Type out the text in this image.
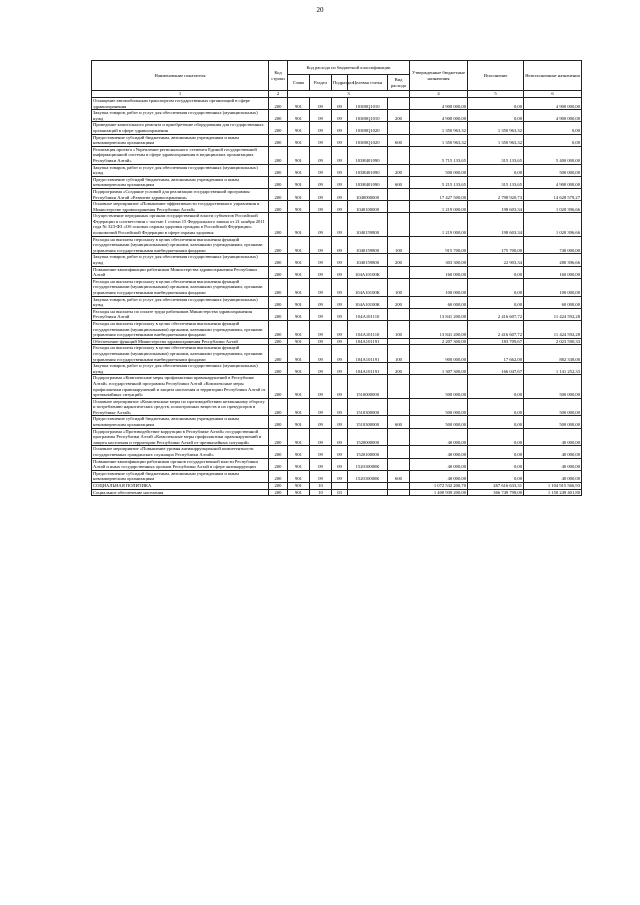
20
Наименование показателя	Код строки	Код расхода по бюджетной классификации					Утвержденные бюджетные назначения	Исполнение	Неисполненные назначения
		Глава	Раздел	Подраздел	Целевая статья	Вид расхода			
1	2	3					4	5	6
Оснащение автомобильным транспортом государственных организаций в сфере здравоохранения	200	901	09	09	10380Q1010		4 900 000,00	0,00	4 900 000,00
Закупка товаров, работ и услуг для обеспечения государственных (муниципальных) нужд	200	901	09	09	10380Q1010	200	4 900 000,00	0,00	4 900 000,00
Проведение капитального ремонта и приобретение оборудования для государственных организаций в сфере здравоохранения	200	901	09	09	10380Q1020		1 350 963,32	1 350 963,32	0,00
Предоставление субсидий бюджетным, автономным учреждениям и иным некоммерческим организациям	200	901	09	09	10380Q1020	600	1 350 963,32	1 350 963,32	0,00
Реализация проекта «Укрепление регионального сегмента Единой государственной информационной системы в сфере здравоохранения в медицинских организациях Республики Алтай»	200	901	09	09	103Н401090		5 715 133,65	315 133,65	5 400 000,00
Закупка товаров, работ и услуг для обеспечения государственных (муниципальных) нужд	200	901	09	09	103Н401090	200	500 000,00	0,00	500 000,00
Предоставление субсидий бюджетным, автономным учреждениям и иным некоммерческим организациям	200	901	09	09	103Н401090	600	5 215 133,65	315 133,65	4 900 000,00
Подпрограмма «Создание условий для реализации государственной программы Республики Алтай «Развитие здравоохранения»	200	901	09	09	1040000000		17 427 500,00	2 798 920,73	14 628 579,27
Основное мероприятие «Повышение эффективности государственного управления в Министерстве здравоохранения Республики Алтай»	200	901	09	09	1040100000		1 219 000,00	198 603,34	1 020 396,66
Осуществление переданных органам государственной власти субъектов Российской Федерации в соответствии с частью 1 статьи 15 Федерального закона от 21 ноября 2011 года № 323-ФЗ «Об основах охраны здоровья граждан в Российской Федерации» полномочий Российской Федерации в сфере охраны здоровья	200	901	09	09	1040159800		1 219 000,00	198 603,34	1 020 396,66
Расходы на выплаты персоналу в целях обеспечения выполнения функций государственными (муниципальными) органами, казенными учреждениями, органами управления государственными внебюджетными фондами	200	901	09	09	1040159800	100	915 700,00	175 700,00	740 000,00
Закупка товаров, работ и услуг для обеспечения государственных (муниципальных) нужд	200	901	09	09	1040159800	200	303 300,00	22 903,34	280 396,66
Повышение квалификации работников Министерства здравоохранения Республики Алтай	200	901	09	09	104A10100K		160 000,00	0,00	160 000,00
Расходы на выплаты персоналу в целях обеспечения выполнения функций государственными (муниципальными) органами, казенными учреждениями, органами управления государственными внебюджетными фондами	200	901	09	09	104A10100K	100	100 000,00	0,00	100 000,00
Закупка товаров, работ и услуг для обеспечения государственных (муниципальных) нужд	200	901	09	09	104A10100K	200	60 000,00	0,00	60 000,00
Расходы на выплаты по оплате труда работников Министерства здравоохранения Республики Алтай	200	901	09	09	104A101110		13 841 200,00	2 416 607,72	11 424 592,28
Расходы на выплаты персоналу в целях обеспечения выполнения функций государственными (муниципальными) органами, казенными учреждениями, органами управления государственными внебюджетными фондами	200	901	09	09	104A101110	100	13 841 200,00	2 416 607,72	11 424 592,28
Обеспечение функций Министерства здравоохранения Республики Алтай	200	901	09	09	104A101191		2 207 300,00	183 709,67	2 023 590,33
Расходы на выплаты персоналу в целях обеспечения выполнения функций государственными (муниципальными) органами, казенными учреждениями, органами управления государственными внебюджетными фондами	200	901	09	09	104A101191	100	900 000,00	17 662,00	882 338,00
Закупка товаров, работ и услуг для обеспечения государственных (муниципальных) нужд	200	901	09	09	104A101191	200	1 307 300,00	166 047,67	1 141 252,33
Подпрограмма «Комплексные меры профилактики правонарушений в Республике Алтай» государственной программы Республики Алтай «Комплексные меры профилактики правонарушений и защита населения и территории Республики Алтай от чрезвычайных ситуаций»	200	901	09	09	1510000000		500 000,00	0,00	500 000,00
Основное мероприятие «Комплексные меры по противодействию незаконному обороту и потреблению наркотических средств, психотропных веществ и их прекурсоров в Республике Алтай»	200	901	09	09	1510300000		500 000,00	0,00	500 000,00
Предоставление субсидий бюджетным, автономным учреждениям и иным некоммерческим организациям	200	901	09	09	1510300000	600	500 000,00	0,00	500 000,00
Подпрограмма «Противодействие коррупции в Республике Алтай» государственной программы Республики Алтай «Комплексные меры профилактики правонарушений и защита населения и территории Республики Алтай от чрезвычайных ситуаций»	200	901	09	09	1520000000		40 000,00	0,00	40 000,00
Основное мероприятие «Повышение уровня антикоррупционной компетентности государственных гражданских служащих Республики Алтай»	200	901	09	09	1520100000		40 000,00	0,00	40 000,00
Повышение квалификации работников органов государственной власти Республики Алтай и иных государственных органов Республики Алтай в сфере антикоррупции	200	901	09	09	152010000К		40 000,00	0,00	40 000,00
Предоставление субсидий бюджетным, автономным учреждениям и иным некоммерческим организациям	200	901	09	09	152010000К	600	40 000,00	0,00	40 000,00
СОЦИАЛЬНАЯ ПОЛИТИКА	200	901	10				1 072 532 200,70	267 616 633,31	1 104 915 566,93
Социальное обеспечение населения	200	901	10	03			1 400 939 200,00	366 749 798,00	1 150 249 401,80
